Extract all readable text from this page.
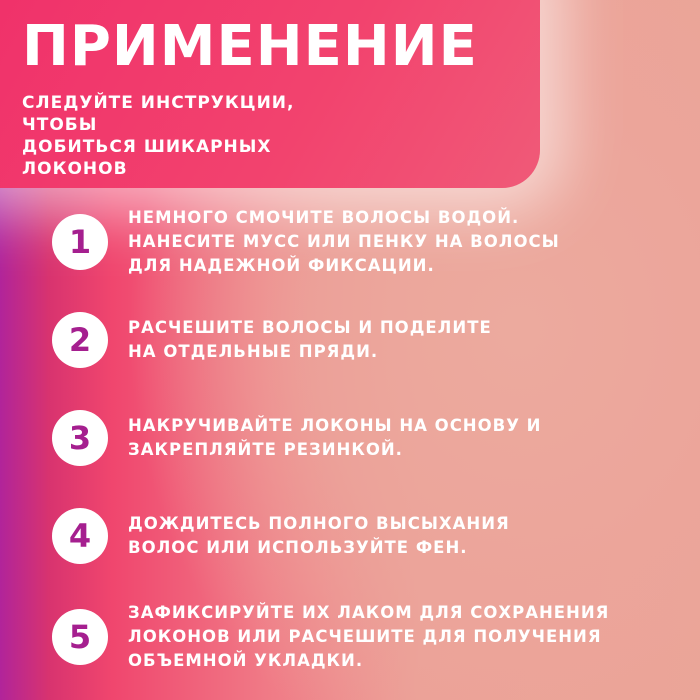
ПРИМЕНЕНИЕ

СЛЕДУЙТЕ ИНСТРУКЦИИ, ЧТОБЫ
ДОБИТЬСЯ ШИКАРНЫХ
ЛОКОНОВ

1
НЕМНОГО СМОЧИТЕ ВОЛОСЫ ВОДОЙ.
НАНЕСИТЕ МУСС ИЛИ ПЕНКУ НА ВОЛОСЫ
ДЛЯ НАДЕЖНОЙ ФИКСАЦИИ.
2	РАСЧЕШИТЕ ВОЛОСЫ И ПОДЕЛИТЕ
НА ОТДЕЛЬНЫЕ ПРЯДИ.
3	НАКРУЧИВАЙТЕ ЛОКОНЫ НА ОСНОВУ И
ЗАКРЕПЛЯЙТЕ РЕЗИНКОЙ.
4	ДОЖДИТЕСЬ ПОЛНОГО ВЫСЫХАНИЯ
ВОЛОС ИЛИ ИСПОЛЬЗУЙТЕ ФЕН.
5
ЗАФИКСИРУЙТЕ ИХ ЛАКОМ ДЛЯ СОХРАНЕНИЯ
ЛОКОНОВ ИЛИ РАСЧЕШИТЕ ДЛЯ ПОЛУЧЕНИЯ
ОБЪЕМНОЙ УКЛАДКИ.
